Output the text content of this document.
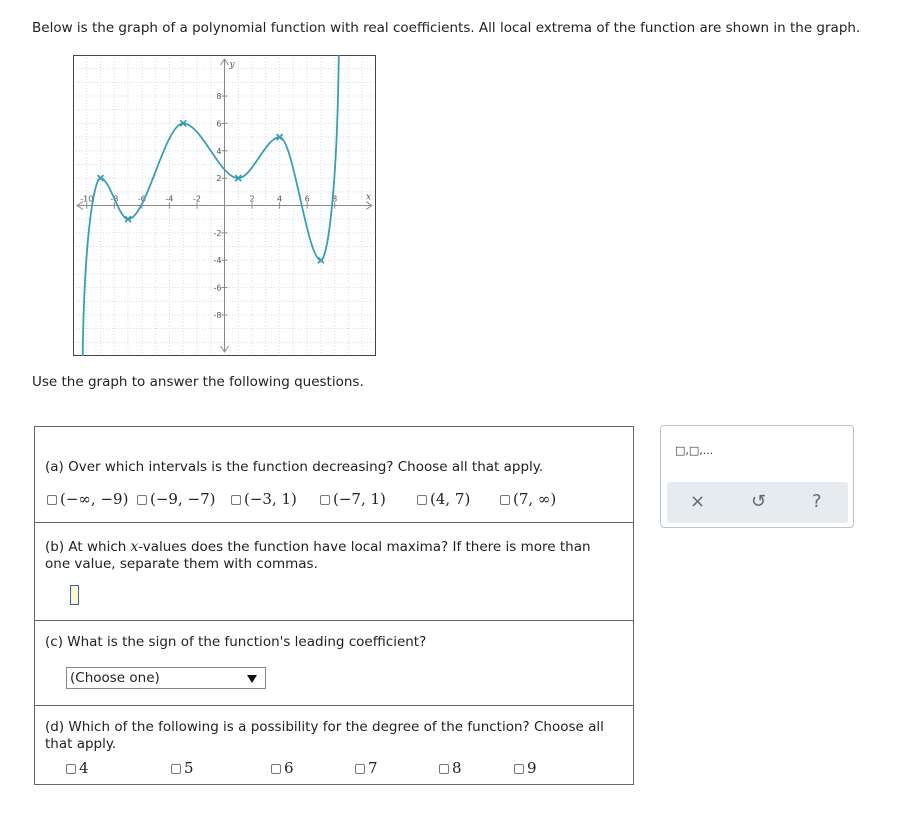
Below is the graph of a polynomial function with real coefficients. All local extrema of the function are shown in the graph.
-10 -8 -6 -4 -2	2	4	6	8
8
6
4
2
-2
-4
-6
-8
x
y
Use the graph to answer the following questions.
(a) Over which intervals is the function decreasing? Choose all that apply.
(−∞, −9)	(−9, −7)	(−3, 1)	(−7, 1)	(4, 7)	(7, ∞)
(b) At which x-values does the function have local maxima? If there is more than
one value, separate them with commas.
(c) What is the sign of the function's leading coefficient?
(Choose one)
(d) Which of the following is a possibility for the degree of the function? Choose all
that apply.
4	5	6	7	8	9
□,□,...
×	↺	?
